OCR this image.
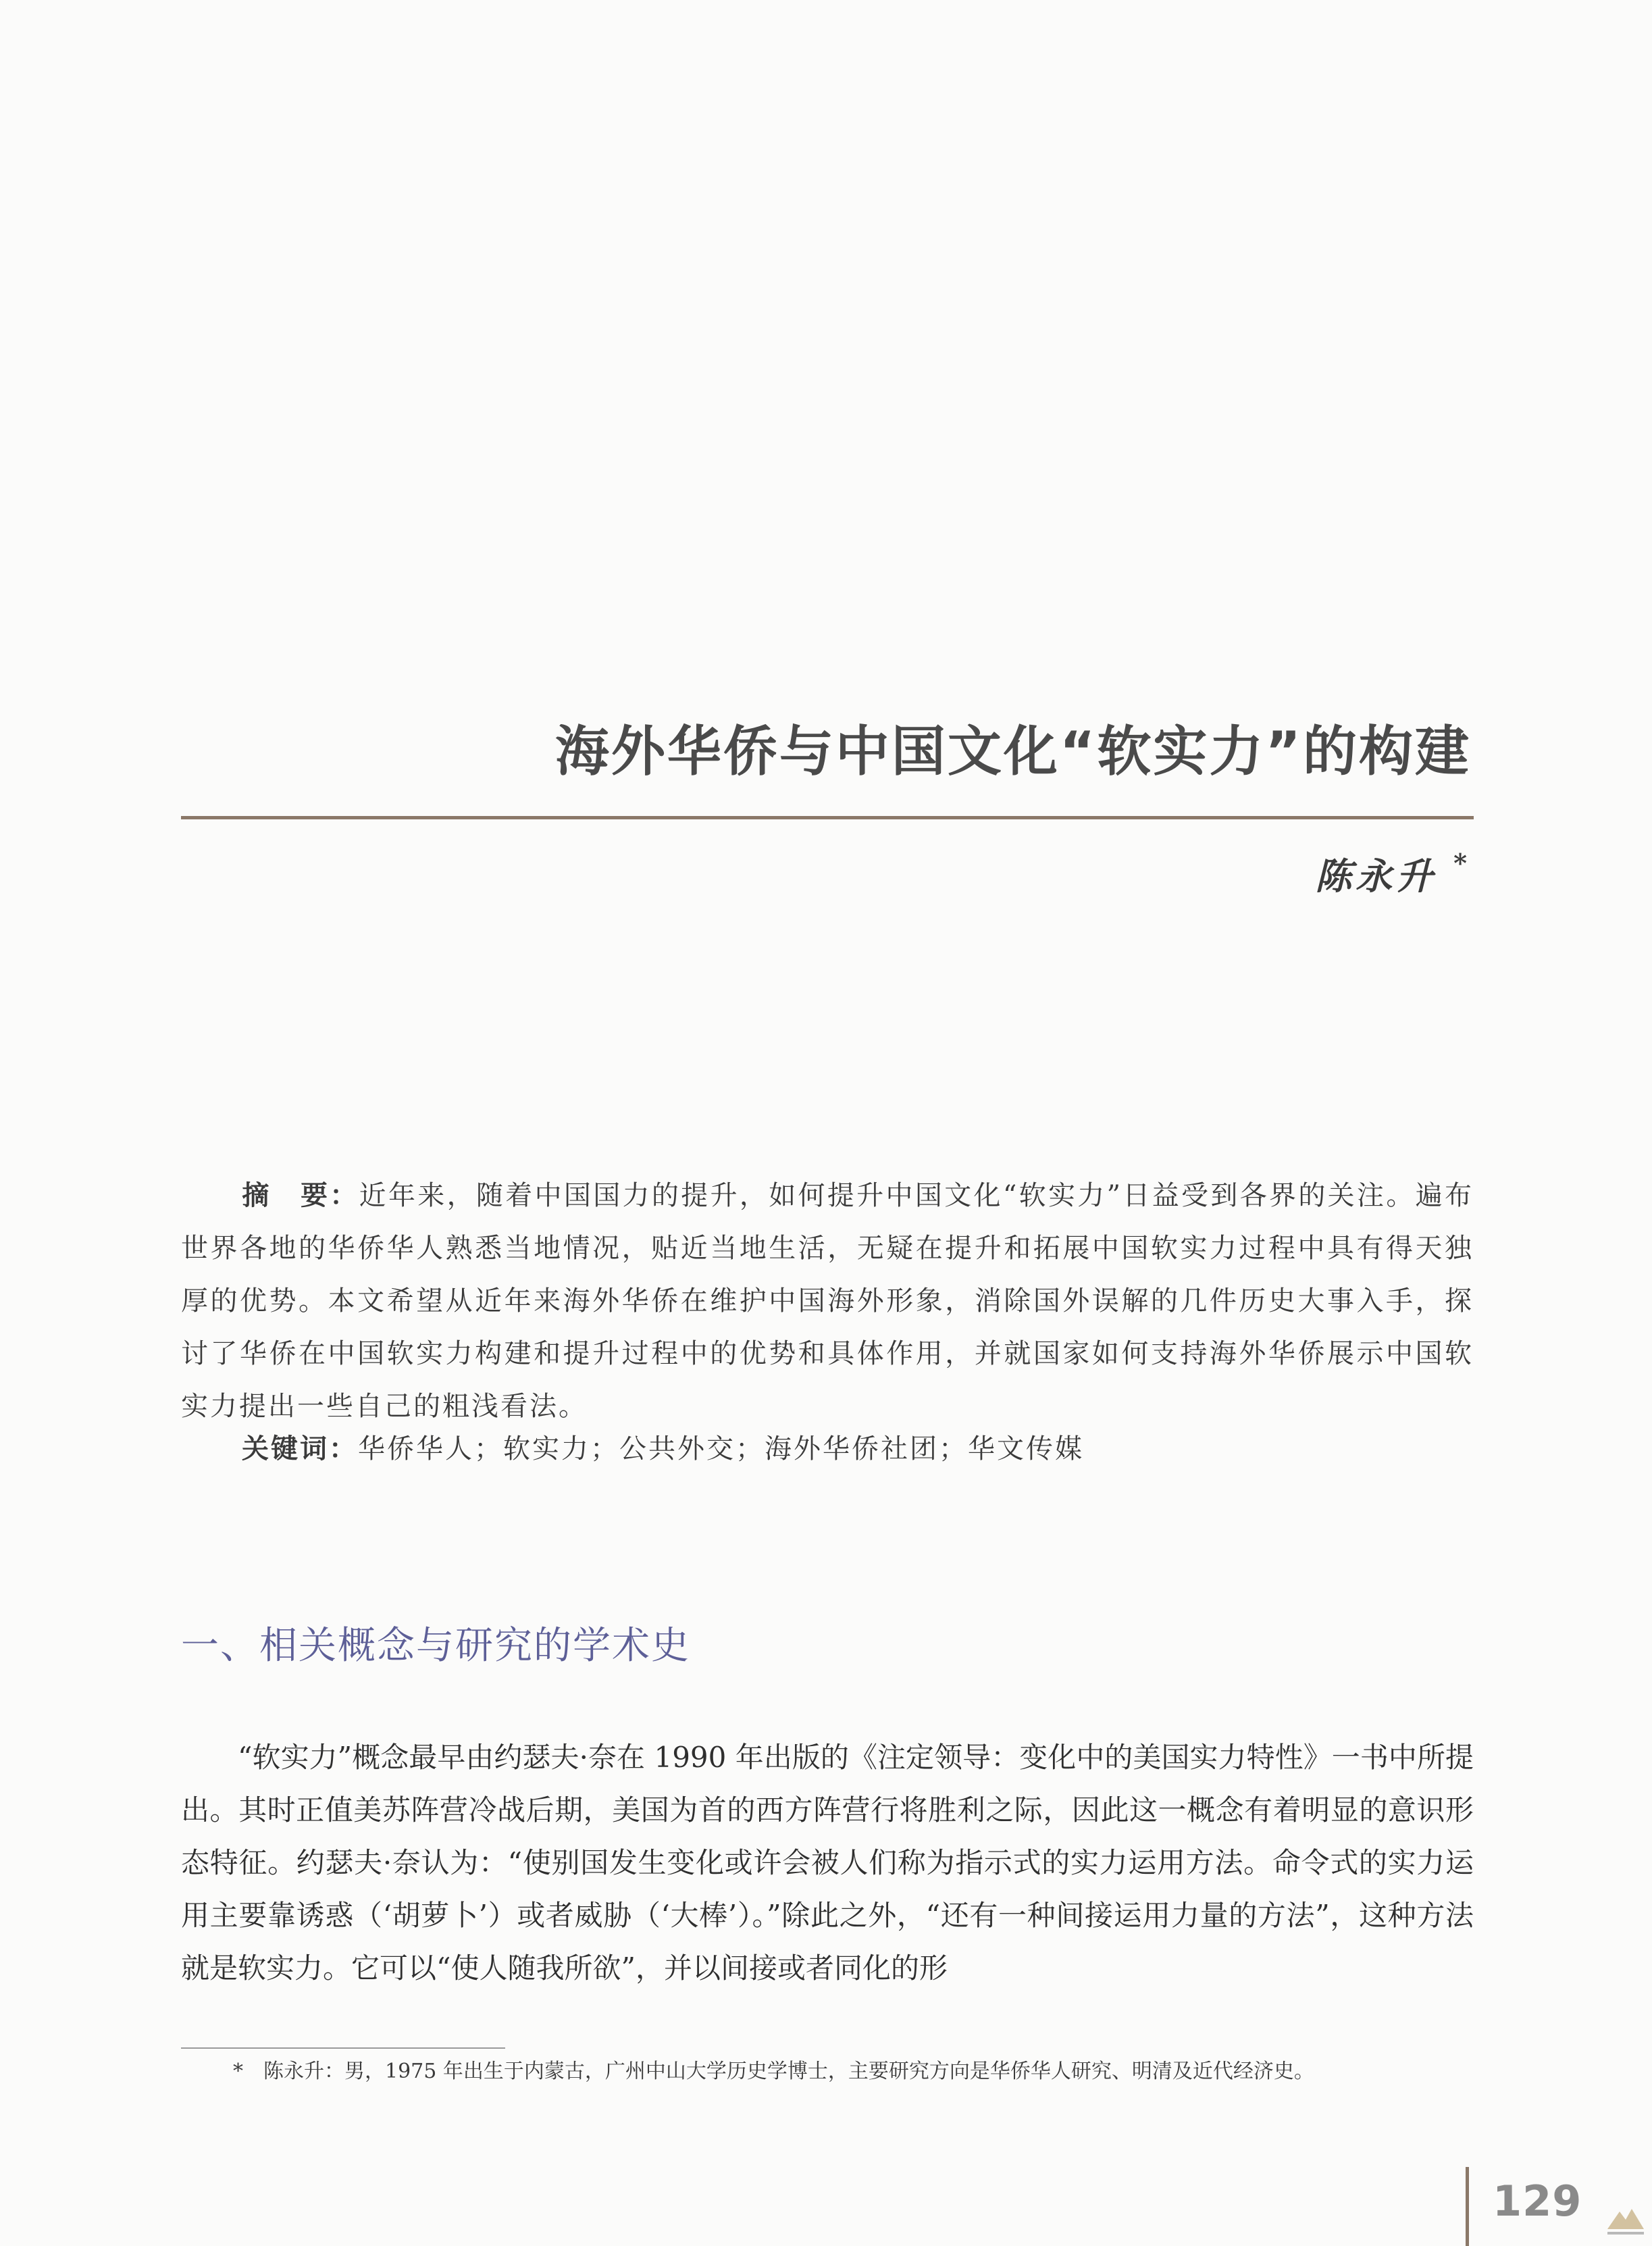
海外华侨与中国文化“软实力”的构建
陈永升 *
摘　要：近年来，随着中国国力的提升，如何提升中国文化“软实力”日益受到各界的关注。遍布世界各地的华侨华人熟悉当地情况，贴近当地生活，无疑在提升和拓展中国软实力过程中具有得天独厚的优势。本文希望从近年来海外华侨在维护中国海外形象，消除国外误解的几件历史大事入手，探讨了华侨在中国软实力构建和提升过程中的优势和具体作用，并就国家如何支持海外华侨展示中国软实力提出一些自己的粗浅看法。
关键词：华侨华人；软实力；公共外交；海外华侨社团；华文传媒
一、相关概念与研究的学术史
“软实力”概念最早由约瑟夫·奈在 1990 年出版的《注定领导：变化中的美国实力特性》一书中所提出。其时正值美苏阵营冷战后期，美国为首的西方阵营行将胜利之际，因此这一概念有着明显的意识形态特征。约瑟夫·奈认为：“使别国发生变化或许会被人们称为指示式的实力运用方法。命令式的实力运用主要靠诱惑（‘胡萝卜’）或者威胁（‘大棒’）。”除此之外，“还有一种间接运用力量的方法”，这种方法就是软实力。它可以“使人随我所欲”，并以间接或者同化的形
* 陈永升：男，1975 年出生于内蒙古，广州中山大学历史学博士，主要研究方向是华侨华人研究、明清及近代经济史。
129
